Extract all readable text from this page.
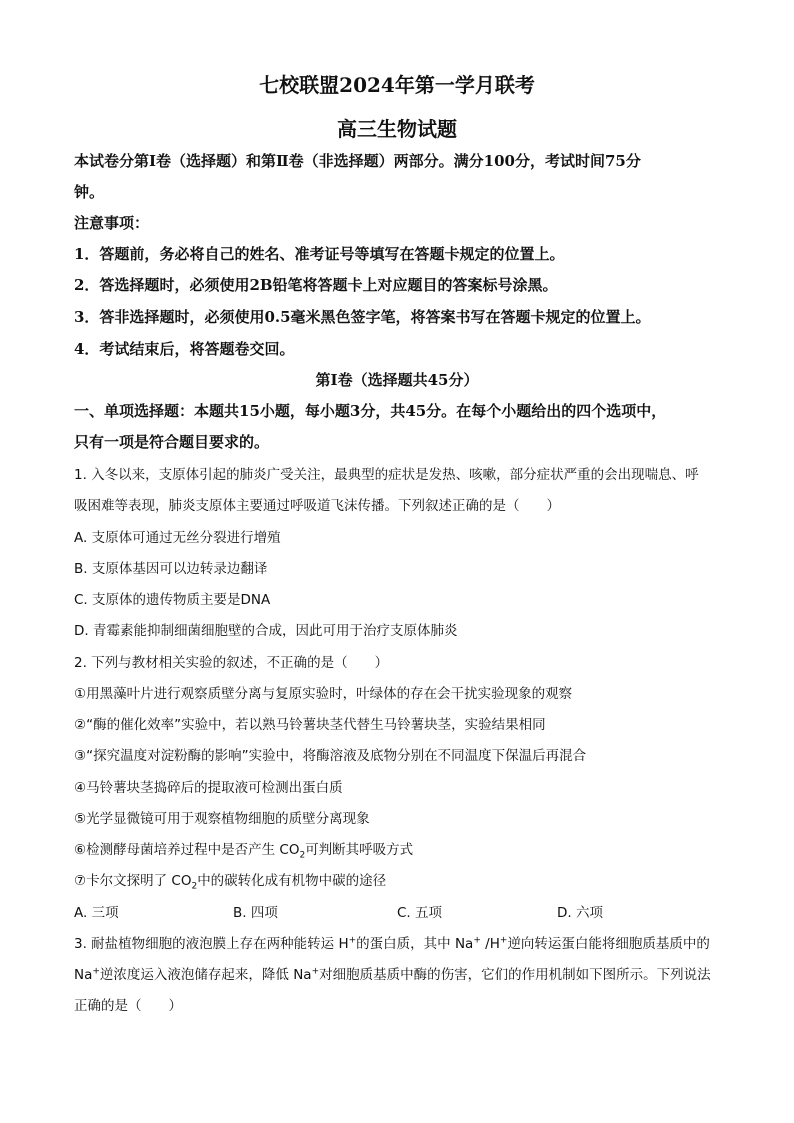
七校联盟2024年第一学月联考
高三生物试题
本试卷分第Ⅰ卷（选择题）和第Ⅱ卷（非选择题）两部分。满分100分，考试时间75分
钟。
注意事项：
1．答题前，务必将自己的姓名、准考证号等填写在答题卡规定的位置上。
2．答选择题时，必须使用2B铅笔将答题卡上对应题目的答案标号涂黑。
3．答非选择题时，必须使用0.5毫米黑色签字笔，将答案书写在答题卡规定的位置上。
4．考试结束后，将答题卷交回。
第Ⅰ卷（选择题共45分）
一、单项选择题：本题共15小题，每小题3分，共45分。在每个小题给出的四个选项中，
只有一项是符合题目要求的。
1. 入冬以来，支原体引起的肺炎广受关注，最典型的症状是发热、咳嗽，部分症状严重的会出现喘息、呼
吸困难等表现，肺炎支原体主要通过呼吸道飞沫传播。下列叙述正确的是（　　）
A. 支原体可通过无丝分裂进行增殖
B. 支原体基因可以边转录边翻译
C. 支原体的遗传物质主要是DNA
D. 青霉素能抑制细菌细胞壁的合成，因此可用于治疗支原体肺炎
2. 下列与教材相关实验的叙述，不正确的是（　　）
①用黑藻叶片进行观察质壁分离与复原实验时，叶绿体的存在会干扰实验现象的观察
②“酶的催化效率”实验中，若以熟马铃薯块茎代替生马铃薯块茎，实验结果相同
③“探究温度对淀粉酶的影响”实验中，将酶溶液及底物分别在不同温度下保温后再混合
④马铃薯块茎捣碎后的提取液可检测出蛋白质
⑤光学显微镜可用于观察植物细胞的质壁分离现象
⑥检测酵母菌培养过程中是否产生 $CO_2$可判断其呼吸方式
⑦卡尔文探明了 $CO_2$中的碳转化成有机物中碳的途径
A. 三项	B. 四项	C. 五项	D. 六项
3. 耐盐植物细胞的液泡膜上存在两种能转运 H+的蛋白质，其中 Na+ /H+逆向转运蛋白能将细胞质基质中的
Na+逆浓度运入液泡储存起来，降低 Na+对细胞质基质中酶的伤害，它们的作用机制如下图所示。下列说法
正确的是（　　）
